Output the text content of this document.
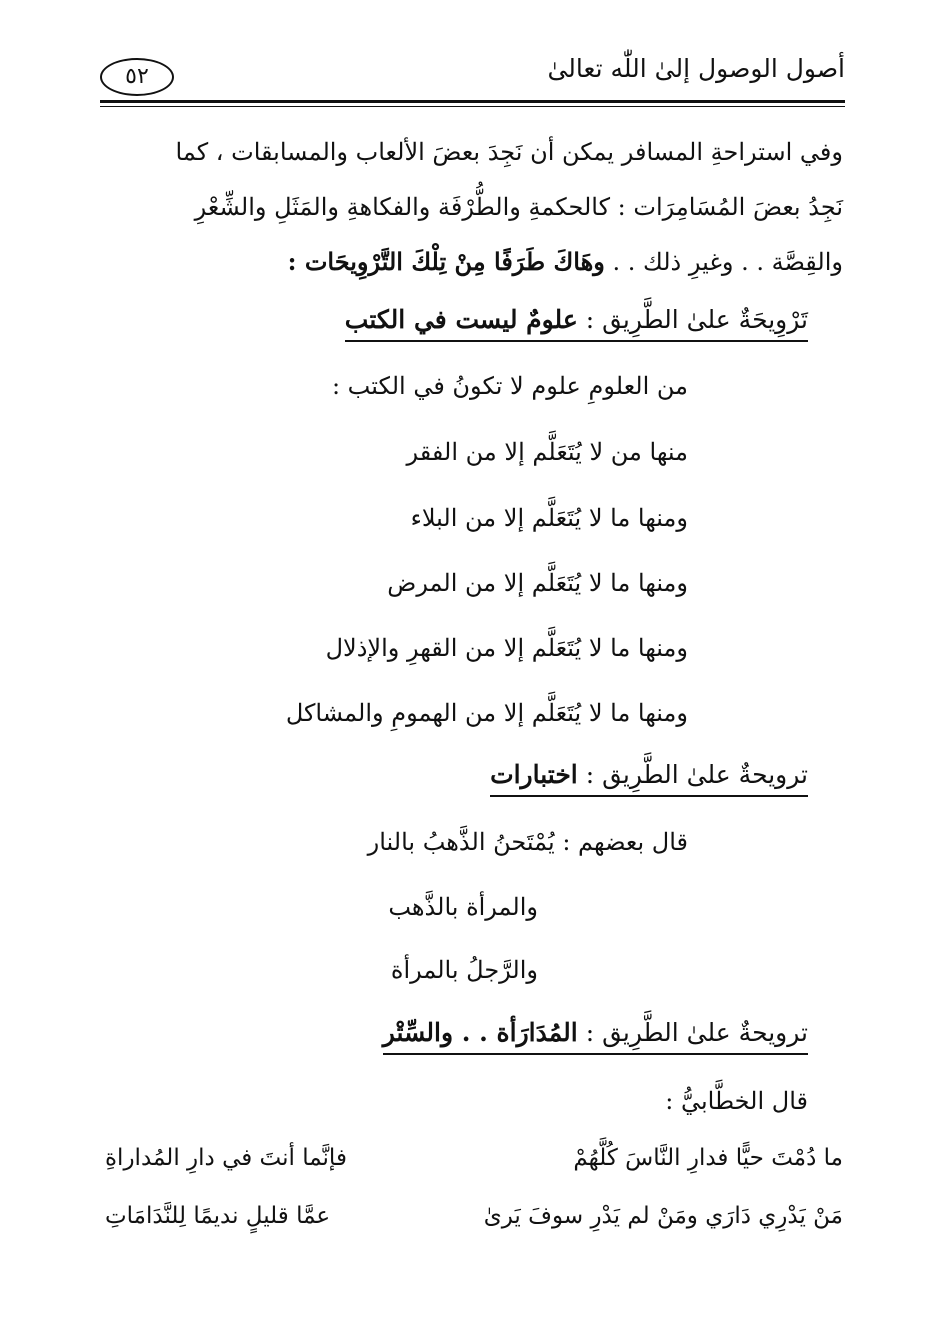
أصول الوصول إلىٰ اللّٰه تعالىٰ
٥٢
وفي استراحةِ المسافر يمكن أن نَجِدَ بعضَ الألعاب والمسابقات ، كما
نَجِدُ بعضَ المُسَامِرَات : كالحكمةِ والطُّرْفَة والفكاهةِ والمَثَلِ والشِّعْرِ
والقِصَّة . . وغيرِ ذلك . . وهَاكَ طَرَفًا مِنْ تِلْكَ التَّرْوِيحَات :
تَرْوِيحَةٌ علىٰ الطَّرِيق : علومٌ ليست في الكتب
من العلومِ علوم لا تكونُ في الكتب :
منها من لا يُتَعَلَّم إلا من الفقر
ومنها ما لا يُتَعَلَّم إلا من البلاء
ومنها ما لا يُتَعَلَّم إلا من المرض
ومنها ما لا يُتَعَلَّم إلا من القهرِ والإذلال
ومنها ما لا يُتَعَلَّم إلا من الهمومِ والمشاكل
ترويحةٌ علىٰ الطَّرِيق : اختبارات
قال بعضهم : يُمْتَحنُ الذَّهبُ بالنار
والمرأة بالذَّهب
والرَّجلُ بالمرأة
ترويحةٌ علىٰ الطَّرِيق : المُدَارَأة . . والسِّتْر
قال الخطَّابيُّ :
ما دُمْتَ حيًّا فدارِ النَّاسَ كُلَّهُمْ
فإنَّما أنتَ في دارِ المُداراةِ
مَنْ يَدْرِي دَارَي ومَنْ لم يَدْرِ سوفَ يَرىٰ
عمَّا قليلٍ نديمًا لِلنَّدَامَاتِ
